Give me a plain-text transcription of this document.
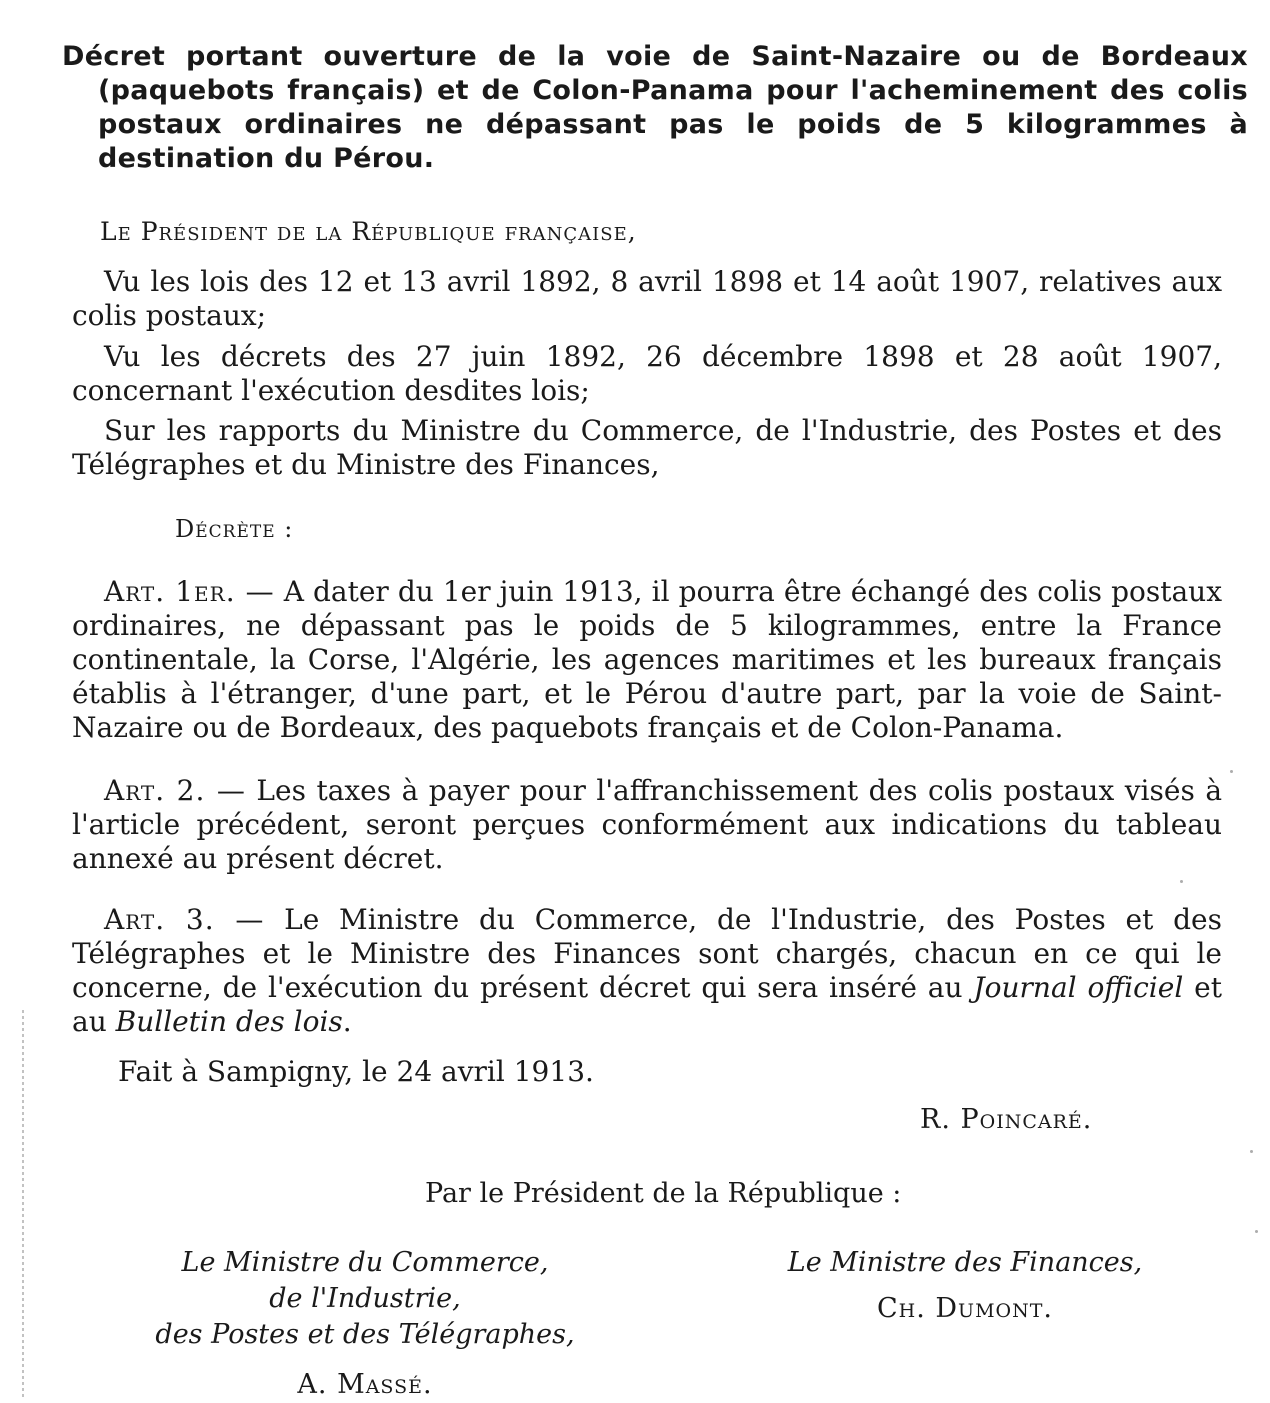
Décret portant ouverture de la voie de Saint-Nazaire ou de Bordeaux (paquebots français) et de Colon-Panama pour l'acheminement des colis postaux ordinaires ne dépassant pas le poids de 5 kilogrammes à destination du Pérou.
Le Président de la République française,
Vu les lois des 12 et 13 avril 1892, 8 avril 1898 et 14 août 1907, relatives aux colis postaux;
Vu les décrets des 27 juin 1892, 26 décembre 1898 et 28 août 1907, concernant l'exécution desdites lois;
Sur les rapports du Ministre du Commerce, de l'Industrie, des Postes et des Télégraphes et du Ministre des Finances,
Décrète :
Art. 1er. — A dater du 1er juin 1913, il pourra être échangé des colis postaux ordinaires, ne dépassant pas le poids de 5 kilogrammes, entre la France continentale, la Corse, l'Algérie, les agences maritimes et les bureaux français établis à l'étranger, d'une part, et le Pérou d'autre part, par la voie de Saint-Nazaire ou de Bordeaux, des paquebots français et de Colon-Panama.
Art. 2. — Les taxes à payer pour l'affranchissement des colis postaux visés à l'article précédent, seront perçues conformément aux indications du tableau annexé au présent décret.
Art. 3. — Le Ministre du Commerce, de l'Industrie, des Postes et des Télégraphes et le Ministre des Finances sont chargés, chacun en ce qui le concerne, de l'exécution du présent décret qui sera inséré au Journal officiel et au Bulletin des lois.
Fait à Sampigny, le 24 avril 1913.
R. Poincaré.
Par le Président de la République :
Le Ministre du Commerce,
de l'Industrie,
des Postes et des Télégraphes,
A. Massé.
Le Ministre des Finances,
Ch. Dumont.
